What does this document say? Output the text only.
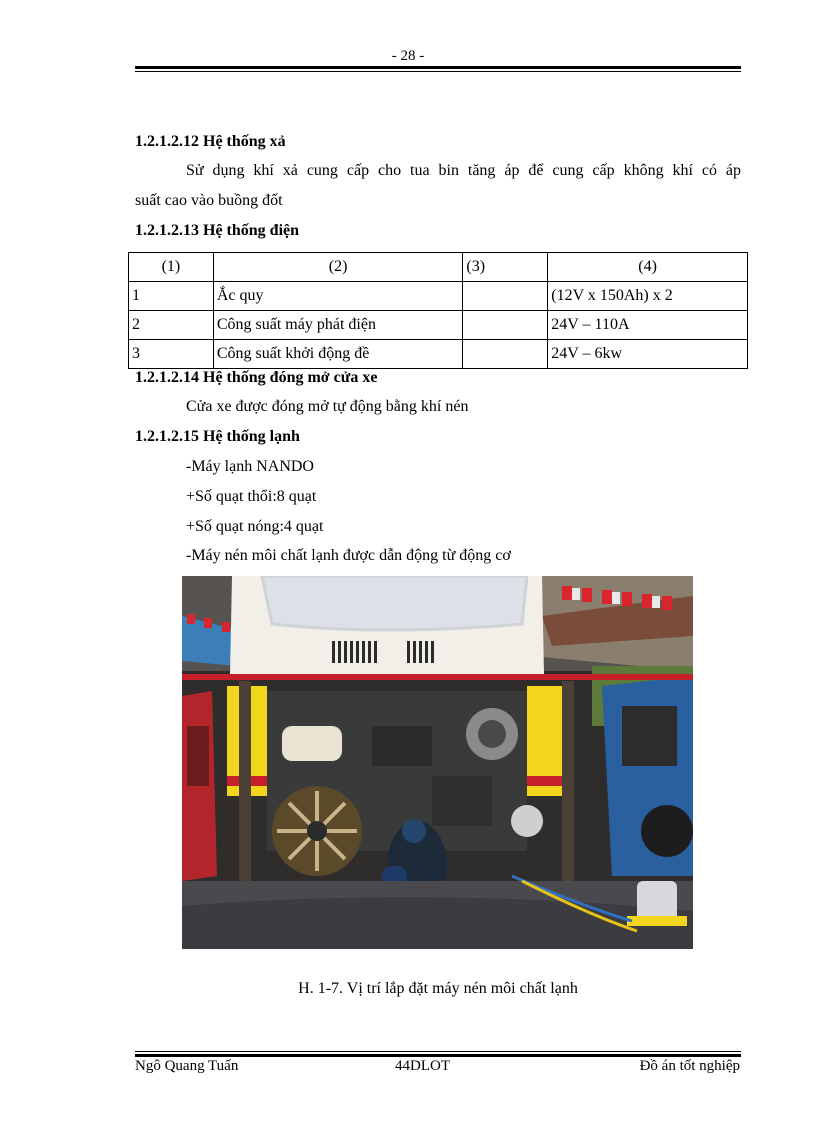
- 28 -
1.2.1.2.12 Hệ thống xả
Sử dụng khí xả cung cấp cho tua bin tăng áp để cung cấp không khí có áp
suất cao vào buồng đốt
1.2.1.2.13 Hệ thống điện
(1)	(2)	(3)	(4)
1	Ắc quy		(12V x 150Ah) x 2
2	Công suất máy phát điện		24V – 110A
3	Công suất khởi động đề		24V – 6kw
1.2.1.2.14 Hệ thống đóng mở cửa xe
Cửa xe được đóng mở tự động bằng khí nén
1.2.1.2.15 Hệ thống lạnh
-Máy lạnh NANDO
+Số quạt thổi:8 quạt
+Số quạt nóng:4 quạt
-Máy nén môi chất lạnh được dẫn động từ động cơ
H. 1-7. Vị trí lắp đặt máy nén môi chất lạnh
Ngô Quang Tuấn	44DLOT	Đồ án tốt nghiệp
